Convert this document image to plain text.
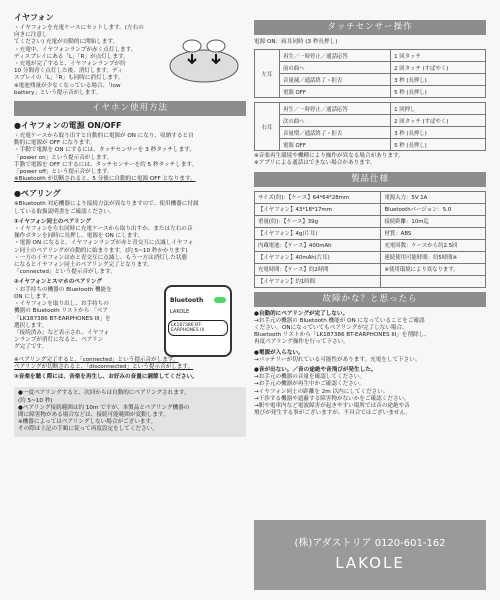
イヤフォン

・イヤフォンを充電ケースにセットします。(左右の向きに注意し

てください) 充電が自動的に開始します。

・充電中、イヤフォンランプが赤く点灯します。

ディスプレイにある「L」「R」が点灯します。

・充電が完了すると、イヤフォンランプが約

10 分間青く点灯した後、消灯します。ディ

スプレイの「L」「R」も同時に消灯します。

※電池残量が少なくなっている場合、「low

battery」という提示音がします。

イヤホン使用方法

●イヤフォンの電源 ON/OFF

・充電ケースから取り出すと自動的に電源が ON になり、収納すると自

動的に電源が OFF になります。

・手動で電源を ON にするには、タッチセンサーを 3 秒タッチします。

「power on」という提示音がします。

手動で電源を OFF にするには、タッチセンサーを約 5 秒タッチします。

「power off」という提示音がします。

※Bluetooth が切断されると、5 分後に自動的に電源 OFF となります。

●ペアリング

※Bluetooth 対応機器により接続方法が異なりますので、使用機器に付属

している取扱説明書をご確認ください。

①イヤフォン同士のペアリング

・イヤフォンを左右同時に充電ケースから取り出すか、または左右の音

操作ボタンを同時に長押し、電源を ON にします。

・電源 ON になると、イヤフォンランプが赤と青交互に点滅しイヤフォ

ン同士のペアリングが自動的に始まります。(約 5~10 秒かかります)

・一方のイヤフォンは赤と青交互に点滅し、もう一方は消灯した状態

になるとイヤフォン同士のペアリング完了となります。

「connected」という提示音がします。

②イヤフォンとスマホのペアリング

・お手持ちの機器の Bluetooth 機能を

ON にします。

・イヤフォンを取り出し、お手持ちの

機器の Bluetooth リストから 「ペア

「LK187386 BT-EARPHONES III」を

選択します。

「接続済み」など表示され、イヤフォ

ンランプが消灯になると、ペアリン

グ完了です。

Bluetooth
LAKOLE
LK187386 BT-EARPHONES III

※ペアリング完了すると、「connected」という提示音がします。

ペアリングが切断されると、「disconnected」という提示音がします。

③音楽を聴く際には、音楽を再生し、お好みの音量に調節してください。

●一度ペアリングすると、次回からは自動的にペアリングされます。

(約 5~10 秒)

●ペアリング接続範囲は約 10m ですが、本製品とペアリング機器の

間に障害物がある場合などは、接続可能範囲が変動します。

※機器によってはペアリングしない場合がございます。

その際は上記の手順に従って再度設定をしてください。

タッチセンサー操作

電源 ON：両耳同時 (3 秒長押し)

左耳	再生／一時停止／通話応答	1 回タッチ
	前の曲へ	2 回タッチ (すばやく)
	音量減／通話終了・拒否	3 秒 (長押し)
	電源 OFF	5 秒 (長押し)
右耳	再生／一時停止／通話応答	1 回押し
	次の曲へ	2 回タッチ (すばやく)
	音量増／通話終了・拒否	3 秒 (長押し)
	電源 OFF	5 秒 (長押し)

※音楽再生環境や機種により操作が異なる場合があります。

※アプリによる通話はできない場合があります。

製品仕様
サイズ(約)：【ケース】64*64*28mm	電源入力：5V 1A
【イヤフォン】43*18*17mm	Bluetoothバージョン：5.0
重量(約)：【ケース】39g	接続距離：10m迄
【イヤフォン】4g(片耳)	材質：ABS
内蔵電池：【ケース】400mAh	充電回数：ケースから約2.5回
【イヤフォン】40mAh(片耳)	連続使用可能時間：約5時間※
充電時間：【ケース】約2時間	※使用環境により異なります。
【イヤフォン】約1時間	
故障かな？と思ったら

●自動的にペアリングが完了しない。

→お手元の機器の Bluetooth 機能が ON になっていることをご確認

ください。ONになっていてもペアリングが完了しない場合、

Bluetooth リストから「LK187386 BT-EARPHONES III」を削除し、

再度ペアリング操作を行って下さい。

●電源が入らない。

→バッテリーが切れている可能性があります。充電をして下さい。

●音が出ない。／音の途絶や音飛びが発生した。

→お手元の機器の音量を確認してください。

→お手元の機器が再生中かご確認ください。

→イヤフォン同士の距離を 2m 以内にしてください。

→干渉する機器や遮蔽する障害物がないかをご確認ください。

→駅や電車内など電波障害が起きやすい場所では音の途絶や音

飛びが発生する事がございますが、不具合ではございません。

(株)アダストリア 0120-601-162
LAKOLE
